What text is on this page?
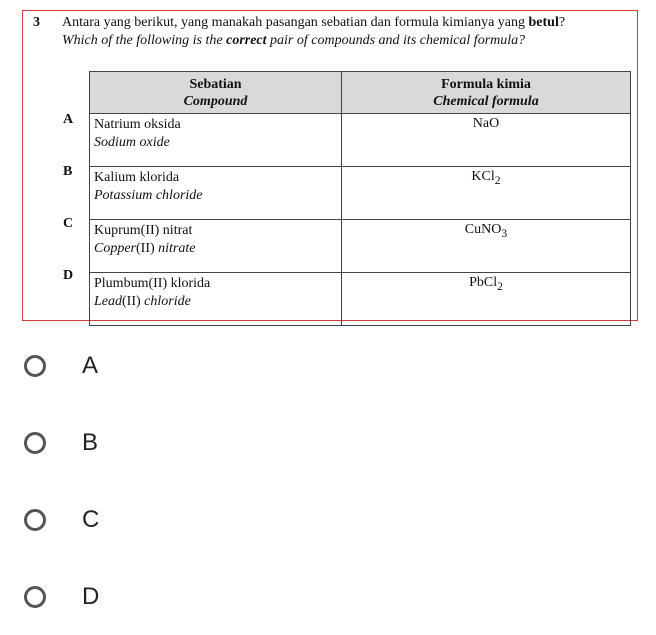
3 Antara yang berikut, yang manakah pasangan sebatian dan formula kimianya yang betul?
Which of the following is the correct pair of compounds and its chemical formula?
A
B
C
D
Sebatian
Compound	Formula kimia
Chemical formula

Natrium oksida
Sodium oxide	NaO
Kalium klorida
Potassium chloride	KCl$_2$
Kuprum(II) nitrat
Copper(II) nitrate	CuNO$_3$
Plumbum(II) klorida
Lead(II) chloride	PbCl$_2$
A
B
C
D
